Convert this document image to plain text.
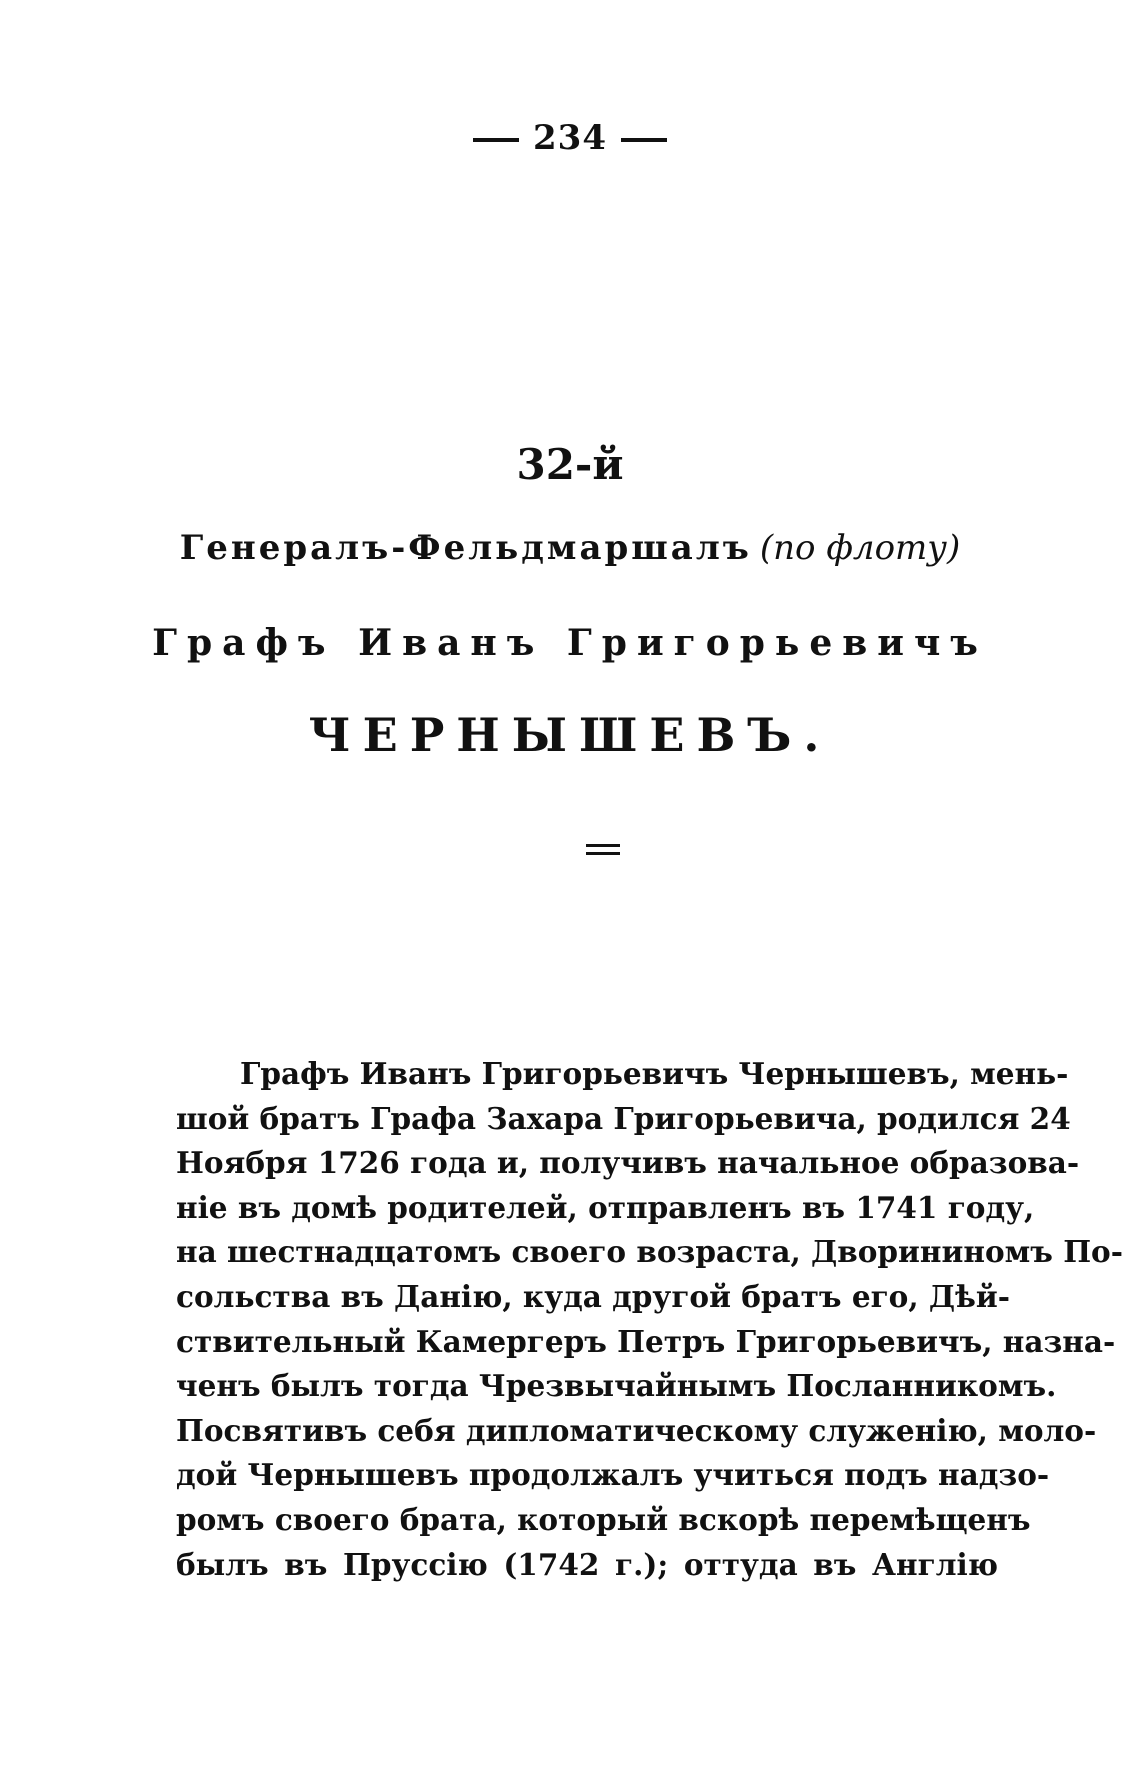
234
32-й
Генералъ-Фельдмаршалъ (по флоту)
Графъ Иванъ Григорьевичъ
ЧЕРНЫШЕВЪ.
Графъ Иванъ Григорьевичъ Чернышевъ, мень-
шой братъ Графа Захара Григорьевича, родился 24
Ноября 1726 года и, получивъ начальное образова-
ніе въ домѣ родителей, отправленъ въ 1741 году,
на шестнадцатомъ своего возраста, Дворининомъ По-
сольства въ Данію, куда другой братъ его, Дѣй-
ствительный Камергеръ Петръ Григорьевичъ, назна-
ченъ былъ тогда Чрезвычайнымъ Посланникомъ.
Посвятивъ себя дипломатическому служенію, моло-
дой Чернышевъ продолжалъ учиться подъ надзо-
ромъ своего брата, который вскорѣ перемѣщенъ
былъ въ Пруссію (1742 г.); оттуда въ Англію
